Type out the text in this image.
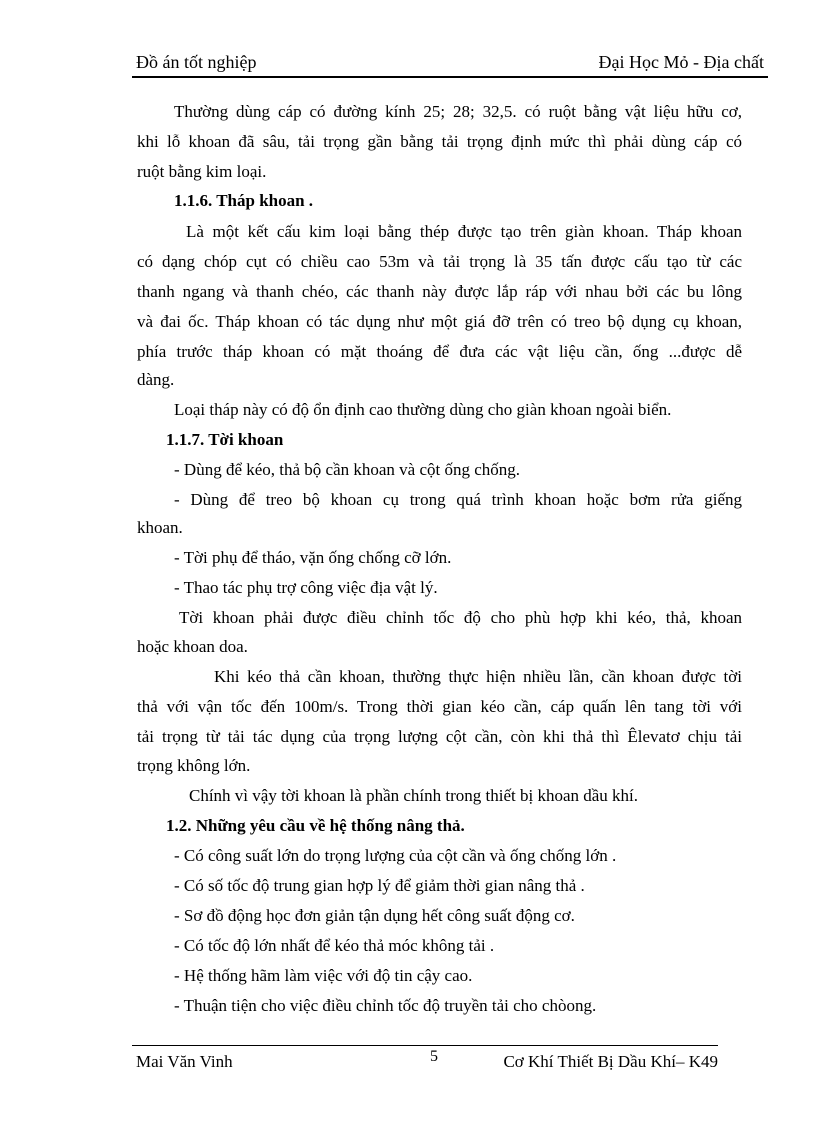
Đồ án tốt nghiệp	Đại Học Mỏ - Địa chất
Thường dùng cáp có đường kính 25; 28; 32,5. có ruột bằng vật liệu hữu cơ,
khi lỗ khoan đã sâu, tải trọng gần bằng tải trọng định mức thì phải dùng cáp có
ruột bằng kim loại.
1.1.6. Tháp khoan .
Là một kết cấu kim loại bằng thép được tạo trên giàn khoan. Tháp khoan
có dạng chóp cụt có chiều cao 53m và tải trọng là 35 tấn được cấu tạo từ các
thanh ngang và thanh chéo, các thanh này được lắp ráp với nhau bởi các bu lông
và đai ốc. Tháp khoan có tác dụng như một giá đỡ trên có treo bộ dụng cụ khoan,
phía trước tháp khoan có mặt thoáng để đưa các vật liệu cần, ống ...được dễ
dàng.
Loại tháp này có độ ổn định cao thường dùng cho giàn khoan ngoài biển.
1.1.7. Tời khoan
- Dùng để kéo, thả bộ cần khoan và cột ống chống.
- Dùng để treo bộ khoan cụ trong quá trình khoan hoặc bơm rửa giếng
khoan.
- Tời phụ để tháo, vặn ống chống cỡ lớn.
- Thao tác phụ trợ công việc địa vật lý.
Tời khoan phải được điều chỉnh tốc độ cho phù hợp khi kéo, thả, khoan
hoặc khoan doa.
Khi kéo thả cần khoan, thường thực hiện nhiều lần, cần khoan được tời
thả với vận tốc đến 100m/s. Trong thời gian kéo cần, cáp quấn lên tang tời với
tải trọng từ tải tác dụng của trọng lượng cột cần, còn khi thả thì Êlevatơ chịu tải
trọng không lớn.
Chính vì vậy tời khoan là phần chính trong thiết bị khoan dầu khí.
1.2. Những yêu cầu về hệ thống nâng thả.
- Có công suất lớn do trọng lượng của cột cần và ống chống lớn .
- Có số tốc độ trung gian hợp lý để giảm thời gian nâng thả .
- Sơ đồ động học đơn giản tận dụng hết công suất động cơ.
- Có tốc độ lớn nhất để kéo thả móc không tải .
- Hệ thống hãm làm việc với độ tin cậy cao.
- Thuận tiện cho việc điều chỉnh tốc độ truyền tải cho chòong.
Mai Văn Vinh	5	Cơ Khí Thiết Bị Dầu Khí– K49
